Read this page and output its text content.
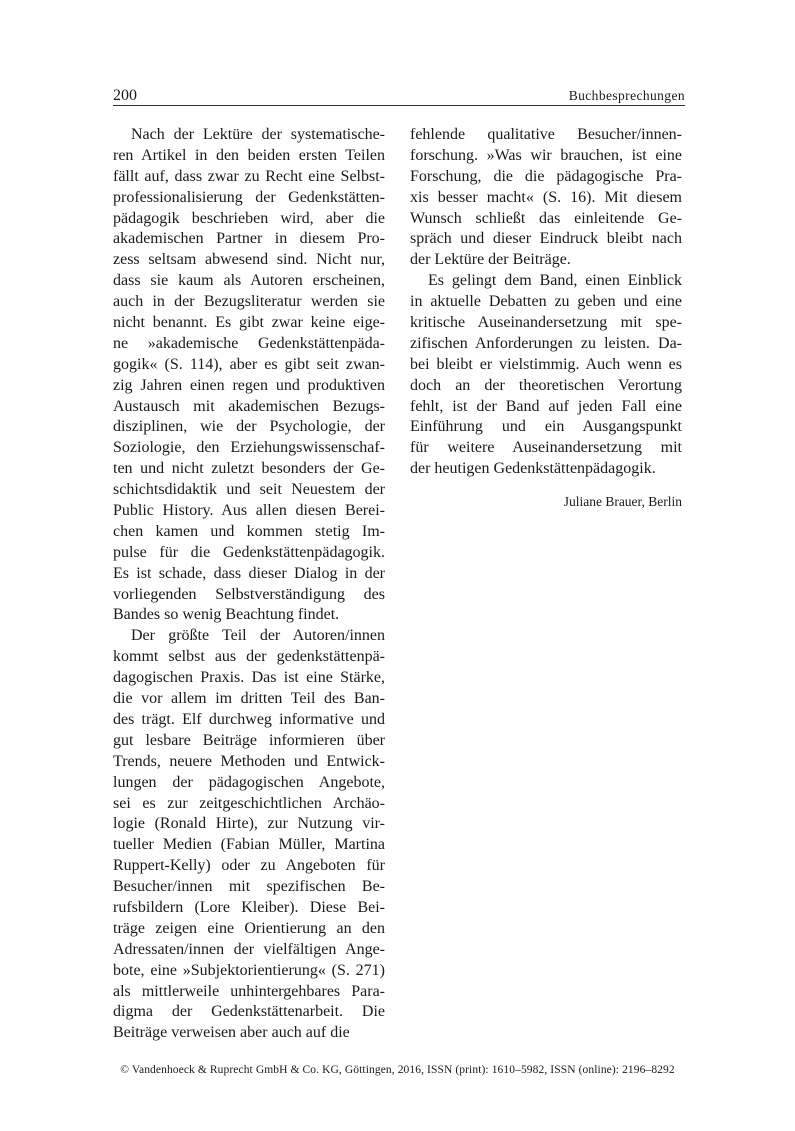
200	Buchbesprechungen
Nach der Lektüre der systematische-
ren Artikel in den beiden ersten Teilen
fällt auf, dass zwar zu Recht eine Selbst-
professionalisierung der Gedenkstätten-
pädagogik beschrieben wird, aber die
akademischen Partner in diesem Pro-
zess seltsam abwesend sind. Nicht nur,
dass sie kaum als Autoren erscheinen,
auch in der Bezugsliteratur werden sie
nicht benannt. Es gibt zwar keine eige-
ne »akademische Gedenkstättenpäda-
gogik« (S. 114), aber es gibt seit zwan-
zig Jahren einen regen und produktiven
Austausch mit akademischen Bezugs-
disziplinen, wie der Psychologie, der
Soziologie, den Erziehungswissenschaf-
ten und nicht zuletzt besonders der Ge-
schichtsdidaktik und seit Neuestem der
Public History. Aus allen diesen Berei-
chen kamen und kommen stetig Im-
pulse für die Gedenkstättenpädagogik.
Es ist schade, dass dieser Dialog in der
vorliegenden Selbstverständigung des
Bandes so wenig Beachtung findet.
Der größte Teil der Autoren/innen
kommt selbst aus der gedenkstättenpä-
dagogischen Praxis. Das ist eine Stärke,
die vor allem im dritten Teil des Ban-
des trägt. Elf durchweg informative und
gut lesbare Beiträge informieren über
Trends, neuere Methoden und Entwick-
lungen der pädagogischen Angebote,
sei es zur zeitgeschichtlichen Archäo-
logie (Ronald Hirte), zur Nutzung vir-
tueller Medien (Fabian Müller, Martina
Ruppert-Kelly) oder zu Angeboten für
Besucher/innen mit spezifischen Be-
rufsbildern (Lore Kleiber). Diese Bei-
träge zeigen eine Orientierung an den
Adressaten/innen der vielfältigen Ange-
bote, eine »Subjektorientierung« (S. 271)
als mittlerweile unhintergehbares Para-
digma der Gedenkstättenarbeit. Die
Beiträge verweisen aber auch auf die
fehlende qualitative Besucher/innen-
forschung. »Was wir brauchen, ist eine
Forschung, die die pädagogische Pra-
xis besser macht« (S. 16). Mit diesem
Wunsch schließt das einleitende Ge-
spräch und dieser Eindruck bleibt nach
der Lektüre der Beiträge.
Es gelingt dem Band, einen Einblick
in aktuelle Debatten zu geben und eine
kritische Auseinandersetzung mit spe-
zifischen Anforderungen zu leisten. Da-
bei bleibt er vielstimmig. Auch wenn es
doch an der theoretischen Verortung
fehlt, ist der Band auf jeden Fall eine
Einführung und ein Ausgangspunkt
für weitere Auseinandersetzung mit
der heutigen Gedenkstättenpädagogik.
Juliane Brauer, Berlin
© Vandenhoeck & Ruprecht GmbH & Co. KG, Göttingen, 2016, ISSN (print): 1610–5982, ISSN (online): 2196–8292
